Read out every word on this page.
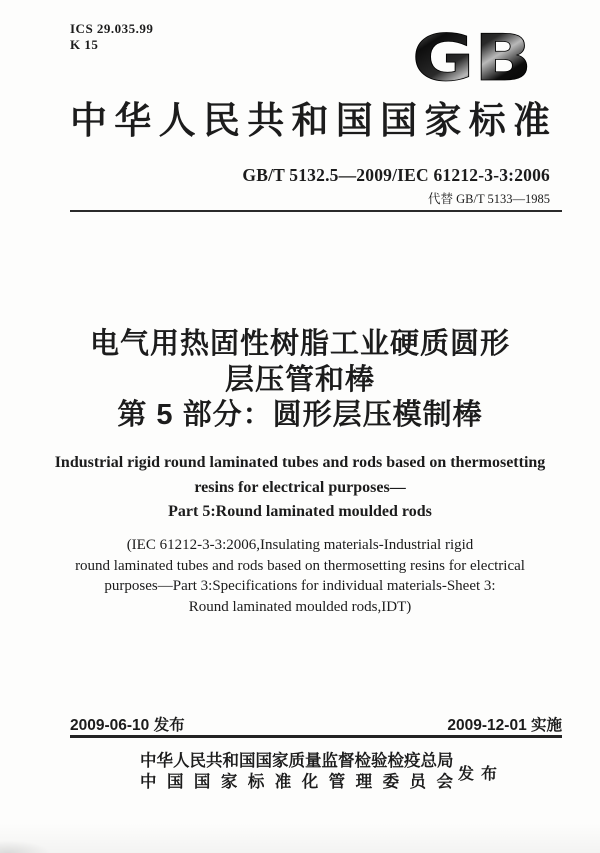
ICS 29.035.99
K 15	GB
中华人民共和国国家标准
GB/T 5132.5—2009/IEC 61212-3-3:2006
代替 GB/T 5133—1985
电气用热固性树脂工业硬质圆形
层压管和棒
第 5 部分：圆形层压模制棒
Industrial rigid round laminated tubes and rods based on thermosetting
resins for electrical purposes—
Part 5:Round laminated moulded rods
(IEC 61212-3-3:2006,Insulating materials-Industrial rigid
round laminated tubes and rods based on thermosetting resins for electrical
purposes—Part 3:Specifications for individual materials-Sheet 3:
Round laminated moulded rods,IDT)
2009-06-10 发布	2009-12-01 实施
中华人民共和国国家质量监督检验检疫总局
中国国家标准化管理委员会 发布
